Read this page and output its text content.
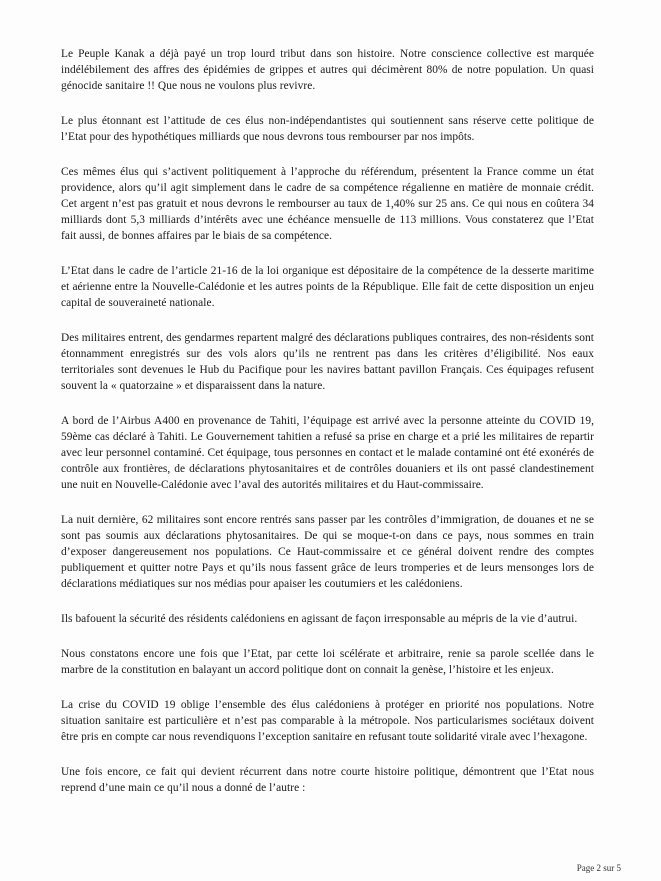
Le Peuple Kanak a déjà payé un trop lourd tribut dans son histoire. Notre conscience collective est marquée indélébilement des affres des épidémies de grippes et autres qui décimèrent 80% de notre population. Un quasi génocide sanitaire !! Que nous ne voulons plus revivre.

Le plus étonnant est l’attitude de ces élus non-indépendantistes qui soutiennent sans réserve cette politique de l’Etat pour des hypothétiques milliards que nous devrons tous rembourser par nos impôts.

Ces mêmes élus qui s’activent politiquement à l’approche du référendum, présentent la France comme un état providence, alors qu’il agit simplement dans le cadre de sa compétence régalienne en matière de monnaie crédit. Cet argent n’est pas gratuit et nous devrons le rembourser au taux de 1,40% sur 25 ans. Ce qui nous en coûtera 34 milliards dont 5,3 milliards d’intérêts avec une échéance mensuelle de 113 millions. Vous constaterez que l’Etat fait aussi, de bonnes affaires par le biais de sa compétence.

L’Etat dans le cadre de l’article 21-16 de la loi organique est dépositaire de la compétence de la desserte maritime et aérienne entre la Nouvelle-Calédonie et les autres points de la République. Elle fait de cette disposition un enjeu capital de souveraineté nationale.

Des militaires entrent, des gendarmes repartent malgré des déclarations publiques contraires, des non-résidents sont étonnamment enregistrés sur des vols alors qu’ils ne rentrent pas dans les critères d’éligibilité. Nos eaux territoriales sont devenues le Hub du Pacifique pour les navires battant pavillon Français. Ces équipages refusent souvent la « quatorzaine » et disparaissent dans la nature.

A bord de l’Airbus A400 en provenance de Tahiti, l’équipage est arrivé avec la personne atteinte du COVID 19, 59ème cas déclaré à Tahiti. Le Gouvernement tahitien a refusé sa prise en charge et a prié les militaires de repartir avec leur personnel contaminé. Cet équipage, tous personnes en contact et le malade contaminé ont été exonérés de contrôle aux frontières, de déclarations phytosanitaires et de contrôles douaniers et ils ont passé clandestinement une nuit en Nouvelle-Calédonie avec l’aval des autorités militaires et du Haut-commissaire.

La nuit dernière, 62 militaires sont encore rentrés sans passer par les contrôles d’immigration, de douanes et ne se sont pas soumis aux déclarations phytosanitaires. De qui se moque-t-on dans ce pays, nous sommes en train d’exposer dangereusement nos populations. Ce Haut-commissaire et ce général doivent rendre des comptes publiquement et quitter notre Pays et qu’ils nous fassent grâce de leurs tromperies et de leurs mensonges lors de déclarations médiatiques sur nos médias pour apaiser les coutumiers et les calédoniens.

Ils bafouent la sécurité des résidents calédoniens en agissant de façon irresponsable au mépris de la vie d’autrui.

Nous constatons encore une fois que l’Etat, par cette loi scélérate et arbitraire, renie sa parole scellée dans le marbre de la constitution en balayant un accord politique dont on connait la genèse, l’histoire et les enjeux.

La crise du COVID 19 oblige l’ensemble des élus calédoniens à protéger en priorité nos populations. Notre situation sanitaire est particulière et n’est pas comparable à la métropole. Nos particularismes sociétaux doivent être pris en compte car nous revendiquons l’exception sanitaire en refusant toute solidarité virale avec l’hexagone.

Une fois encore, ce fait qui devient récurrent dans notre courte histoire politique, démontrent que l’Etat nous reprend d’une main ce qu’il nous a donné de l’autre :

Page 2 sur 5
